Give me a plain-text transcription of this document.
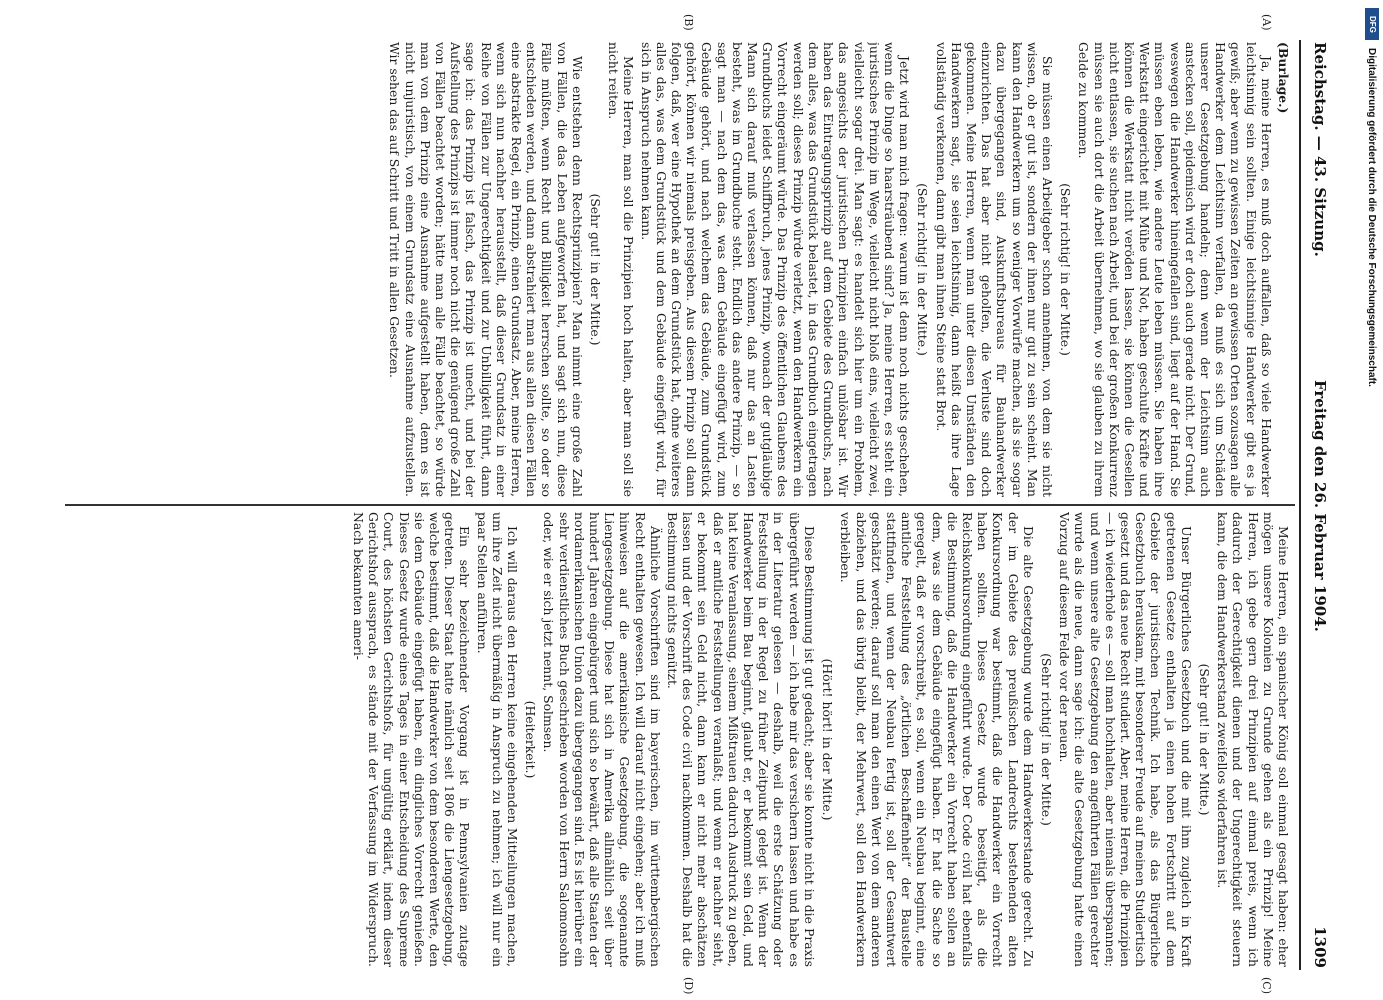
Reichstag. — 43. Sitzung.
Freitag den 26. Februar 1904.
1309
(A)
(B)
(C)
(D)

(Burlage.)

Ja, meine Herren, es muß doch auffallen, daß so viele Handwerker leichtsinnig sein sollten. Einige leichtsinnige Handwerker gibt es ja gewiß; aber wenn zu gewissen Zeiten an gewissen Orten sozusagen alle Handwerker dem Leichtsinn verfallen, da muß es sich um Schäden unserer Gesetzgebung handeln; denn wenn der Leichtsinn auch anstecken soll, epidemisch wird er doch auch gerade nicht. Der Grund, weswegen die Handwerker hineingefallen sind, liegt auf der Hand. Sie müssen eben leben, wie andere Leute leben müssen. Sie haben ihre Werkstatt eingerichtet mit Mühe und Not, haben geschulte Kräfte und können die Werkstatt nicht veröden lassen, sie können die Gesellen nicht entlassen, sie suchen nach Arbeit, und bei der großen Konkurrenz müssen sie auch dort die Arbeit übernehmen, wo sie glauben zu ihrem Gelde zu kommen.

(Sehr richtig! in der Mitte.)

Sie müssen einen Arbeitgeber schon annehmen, von dem sie nicht wissen, ob er gut ist, sondern der ihnen nur gut zu sein scheint. Man kann den Handwerkern um so weniger Vorwürfe machen, als sie sogar dazu übergegangen sind, Auskunftsbureaus für Bauhandwerker einzurichten. Das hat aber nicht geholfen, die Verluste sind doch gekommen. Meine Herren, wenn man unter diesen Umständen den Handwerkern sagt, sie seien leichtsinnig, dann heißt das ihre Lage vollständig verkennen, dann gibt man ihnen Steine statt Brot.

(Sehr richtig! in der Mitte.)

Jetzt wird man mich fragen: warum ist denn noch nichts geschehen, wenn die Dinge so haarsträubend sind? Ja, meine Herren, es steht ein juristisches Prinzip im Wege, vielleicht nicht bloß eins, vielleicht zwei, vielleicht sogar drei. Man sagt: es handelt sich hier um ein Problem, das angesichts der juristischen Prinzipien einfach unlösbar ist. Wir haben das Eintragungsprinzip auf dem Gebiete des Grundbuchs, nach dem alles, was das Grundstück belastet, in das Grundbuch eingetragen werden soll; dieses Prinzip würde verletzt, wenn den Handwerkern ein Vorrecht eingeräumt würde. Das Prinzip des öffentlichen Glaubens des Grundbuchs leidet Schiffbruch, jenes Prinzip, wonach der gutgläubige Mann sich darauf muß verlassen können, daß nur das an Lasten besteht, was im Grundbuche steht. Endlich das andere Prinzip, — so sagt man — nach dem das, was dem Gebäude eingefügt wird, zum Gebäude gehört, und nach welchem das Gebäude, zum Grundstück gehört, können wir niemals preisgeben. Aus diesem Prinzip soll dann folgen, daß, wer eine Hypothek an dem Grundstück hat, ohne weiteres alles das, was dem Grundstück und dem Gebäude eingefügt wird, für sich in Anspruch nehmen kann.

Meine Herren, man soll die Prinzipien hoch halten, aber man soll sie nicht reiten.

(Sehr gut! in der Mitte.)

Wie entstehen denn Rechtsprinzipien? Man nimmt eine große Zahl von Fällen, die das Leben aufgeworfen hat, und sagt sich nun, diese Fälle müßten, wenn Recht und Billigkeit herrschen sollte, so oder so entschieden werden, und dann abstrahiert man aus allen diesen Fällen eine abstrakte Regel, ein Prinzip, einen Grundsatz. Aber, meine Herren, wenn sich nun nachher herausstellt, daß dieser Grundsatz in einer Reihe von Fällen zur Ungerechtigkeit und zur Unbilligkeit führt, dann sage ich: das Prinzip ist falsch, das Prinzip ist unecht, und bei der Aufstellung des Prinzips ist immer noch nicht die genügend große Zahl von Fällen beachtet worden; hätte man alle Fälle beachtet, so würde man von dem Prinzip eine Ausnahme aufgestellt haben, denn es ist nicht unjuristisch, von einem Grundsatz eine Ausnahme aufzustellen. Wir sehen das auf Schritt und Tritt in allen Gesetzen.

Meine Herren, ein spanischer König soll einmal gesagt haben: eher mögen unsere Kolonien zu Grunde gehen als ein Prinzip! Meine Herren, ich gebe gern drei Prinzipien auf einmal preis, wenn ich dadurch der Gerechtigkeit dienen und der Ungerechtigkeit steuern kann, die dem Handwerkerstand zweifellos widerfahren ist.

(Sehr gut! in der Mitte.)

Unser Bürgerliches Gesetzbuch und die mit ihm zugleich in Kraft getretenen Gesetze enthalten ja einen hohen Fortschritt auf dem Gebiete der juristischen Technik. Ich habe, als das Bürgerliche Gesetzbuch herauskam, mit besonderer Freude auf meinen Studiertisch gesetzt und das neue Recht studiert. Aber, meine Herren, die Prinzipien — ich wiederhole es — soll man hochhalten, aber niemals überspannen; und wenn unsere alte Gesetzgebung den angeführten Fällen gerechter wurde als die neue, dann sage ich: die alte Gesetzgebung hatte einen Vorzug auf diesem Felde vor der neuen.

(Sehr richtig! in der Mitte.)

Die alte Gesetzgebung wurde dem Handwerkerstande gerecht. Zu der im Gebiete des preußischen Landrechts bestehenden alten Konkursordnung war bestimmt, daß die Handwerker ein Vorrecht haben sollten. Dieses Gesetz wurde beseitigt, als die Reichskonkursordnung eingeführt wurde. Der Code civil hat ebenfalls die Bestimmung, daß die Handwerker ein Vorrecht haben sollen an dem, was sie dem Gebäude eingefügt haben. Er hat die Sache so geregelt, daß er vorschreibt, es soll, wenn ein Neubau beginnt, eine amtliche Feststellung des „örtlichen Beschaffenheit“ der Baustelle stattfinden, und wenn der Neubau fertig ist, soll der Gesamtwert geschätzt werden; darauf soll man den einen Wert von dem anderen abziehen, und das übrig bleibt, der Mehrwert, soll den Handwerkern verbleiben.

(Hört! hört! in der Mitte.)

Diese Bestimmung ist gut gedacht; aber sie konnte nicht in die Praxis übergeführt werden — ich habe mir das versichern lassen und habe es in der Literatur gelesen — deshalb, weil die erste Schätzung oder Feststellung in der Regel zu früher Zeitpunkt gelegt ist. Wenn der Handwerker beim Bau beginnt, glaubt er, er bekommt sein Geld, und hat keine Veranlassung, seinem Mißtrauen dadurch Ausdruck zu geben, daß er amtliche Feststellungen veranlaßt; und wenn er nachher sieht, er bekommt sein Geld nicht, dann kann er nicht mehr abschätzen lassen und der Vorschrift des Code civil nachkommen. Deshalb hat die Bestimmung nichts genützt.

Ähnliche Vorschriften sind im bayerischen, im württembergischen Recht enthalten gewesen. Ich will darauf nicht eingehen; aber ich muß hinweisen auf die amerikanische Gesetzgebung, die sogenannte Liengesetzgebung. Diese hat sich in Amerika allmählich seit über hundert Jahren eingebürgert und sich so bewährt, daß alle Staaten der nordamerikanischen Union dazu übergegangen sind. Es ist hierüber ein sehr verdienstliches Buch geschrieben worden von Herrn Salomonsohn oder, wie er sich jetzt nennt, Solmsen.

(Heiterkeit.)

Ich will daraus den Herren keine eingehenden Mitteilungen machen, um ihre Zeit nicht übermäßig in Anspruch zu nehmen; ich will nur ein paar Stellen anführen.

Ein sehr bezeichnender Vorgang ist in Pennsylvanien zutage getreten. Dieser Staat hatte nämlich seit 1806 die Liengesetzgebung, welche bestimmt, daß die Handwerker von dem besonderen Werte, den sie dem Gebäude eingefügt haben, ein dingliches Vorrecht genießen. Dieses Gesetz wurde eines Tages in einer Entscheidung des Supreme Court, des höchsten Gerichtshofs, für ungültig erklärt, indem dieser Gerichtshof aussprach, es stände mit der Verfassung im Widerspruch. Nach bekannten ameri-

DFG
Digitalisierung gefördert durch die Deutsche Forschungsgemeinschaft.
